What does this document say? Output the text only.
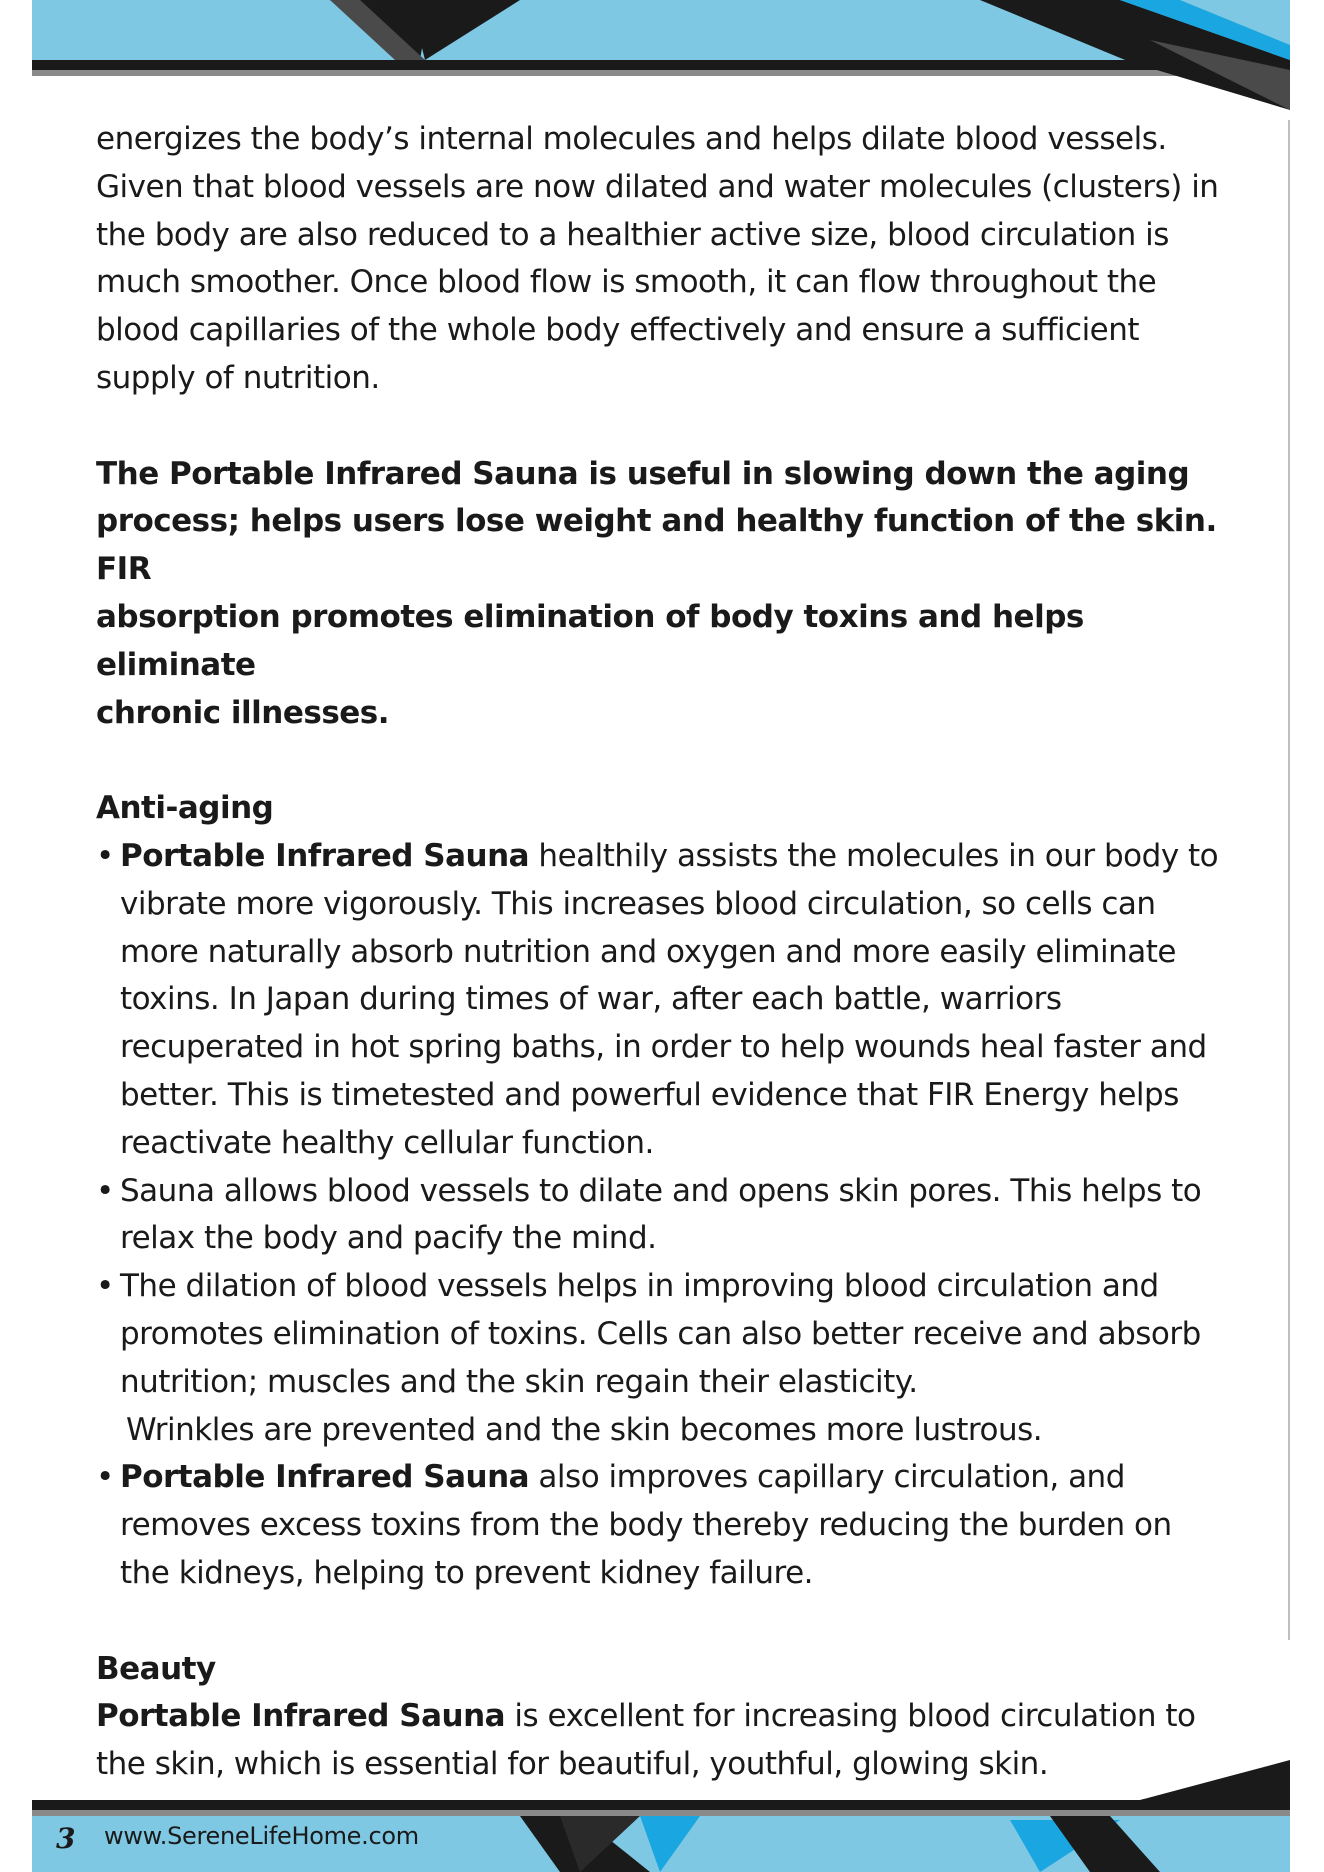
energizes the body’s internal molecules and helps dilate blood vessels.

Given that blood vessels are now dilated and water molecules (clusters) in

the body are also reduced to a healthier active size, blood circulation is

much smoother. Once blood flow is smooth, it can flow throughout the

blood capillaries of the whole body effectively and ensure a sufficient

supply of nutrition.

The Portable Infrared Sauna is useful in slowing down the aging

process; helps users lose weight and healthy function of the skin. FIR

absorption promotes elimination of body toxins and helps eliminate

chronic illnesses.

Anti-aging

• Portable Infrared Sauna healthily assists the molecules in our body to

vibrate more vigorously. This increases blood circulation, so cells can

more naturally absorb nutrition and oxygen and more easily eliminate

toxins. In Japan during times of war, after each battle, warriors

recuperated in hot spring baths, in order to help wounds heal faster and

better. This is timetested and powerful evidence that FIR Energy helps

reactivate healthy cellular function.

• Sauna allows blood vessels to dilate and opens skin pores. This helps to

relax the body and pacify the mind.

• The dilation of blood vessels helps in improving blood circulation and

promotes elimination of toxins. Cells can also better receive and absorb

nutrition; muscles and the skin regain their elasticity.

Wrinkles are prevented and the skin becomes more lustrous.

• Portable Infrared Sauna also improves capillary circulation, and

removes excess toxins from the body thereby reducing the burden on

the kidneys, helping to prevent kidney failure.

Beauty

Portable Infrared Sauna is excellent for increasing blood circulation to

the skin, which is essential for beautiful, youthful, glowing skin.

3 www.SereneLifeHome.com
